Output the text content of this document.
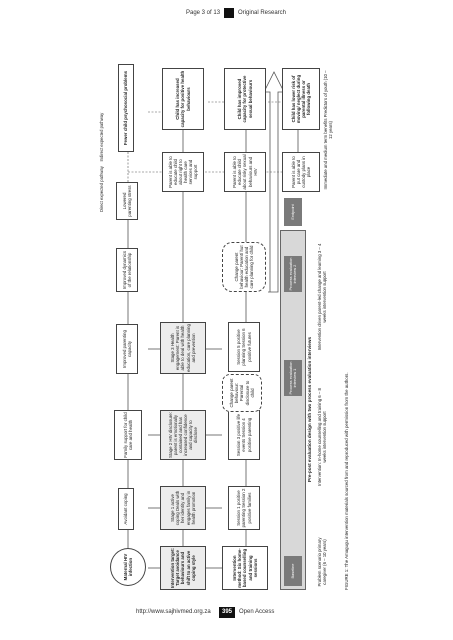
Page 3 of 13	Original Research
Direct expected pathway    Indirect expected pathway
Maternal HIV infection
Avoidant coping
Family support for child care and health
Improved parenting capacity
Improved dynamics of the relationship
Lowered parenting stress
Fewer child psychosocial problems
Intervention target: Target avoidance behaviours and shift to an active coping style
Stage 1 active coping Deals with her identity and engages family in health promotion
Stage 2 HIV disclosure: parent is emotionally contained and has increased confidence and capacity to disclose
Stage 3 Health engagement: Parent is able to deal with health education, care planning and prevention
Parent is able to educate child about right to health care services and support
Child has increased capacity for positive health behaviours
Intervention method: Six home-based counselling and training sessions
Session 1 positive parenting Session 2 positive families
Session 3 positive life events Session 4 positive parenting
Change parent behaviour: Parental disclosure to child
Session 5 positive planning Session 6 positive futures
Change parent behaviour: Parent/ hut health education and care planning for child
Parent is able to educate child about risky sexual behaviours and HIV
Child has improved capacity for protective sexual behaviours
Parent is able to put care and custody plans in place
Child has lower risk of moving/ neglect during parental illness or following death
Pre-post evaluation design with two process evaluation interviews
Baseline
Process evaluation interview 1
Process evaluation interview 2
Endpoint
Problem scenario primary caregiver (6 – 10 years)
Intervention: In-home counselling and training 6 – 8 weeks intervention support
Intervention driven parent-led change and learning 3 – 4 weeks intervention support
Immediate and medium term benefits Predictors of youth (10 – 12 years)
FIGURE 1: The Amagugu intervention materials sourced from and reproduced with permission from the authors.
http://www.sajhivmed.org.za	395	Open Access
